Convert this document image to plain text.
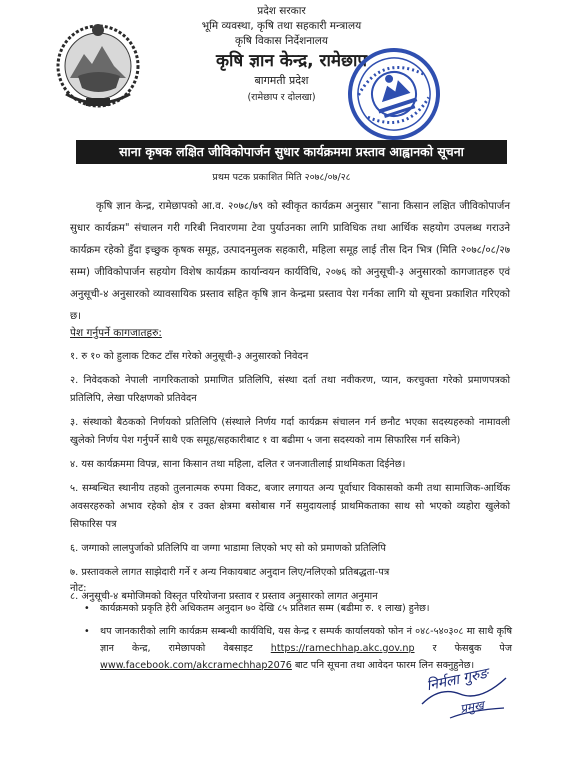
प्रदेश सरकार
भूमि व्यवस्था, कृषि तथा सहकारी मन्त्रालय
कृषि विकास निर्देशनालय
कृषि ज्ञान केन्द्र, रामेछाप
बागमती प्रदेश
(रामेछाप र दोलखा)
साना कृषक लक्षित जीविकोपार्जन सुधार कार्यक्रममा प्रस्ताव आह्वानको सूचना
प्रथम पटक प्रकाशित मिति २०७८/०७/२८

कृषि ज्ञान केन्द्र, रामेछापको आ.व. २०७८/७९ को स्वीकृत कार्यक्रम अनुसार "साना किसान लक्षित जीविकोपार्जन सुधार कार्यक्रम" संचालन गरी गरिबी निवारणमा टेवा पुर्याउनका लागि प्राविधिक तथा आर्थिक सहयोग उपलब्ध गराउने कार्यक्रम रहेको हुँदा इच्छुक कृषक समूह, उत्पादनमुलक सहकारी, महिला समूह लाई तीस दिन भित्र (मिति २०७८/०८/२७ सम्म) जीविकोपार्जन सहयोग विशेष कार्यक्रम कार्यान्वयन कार्यविधि, २०७६ को अनुसूची-३ अनुसारको कागजातहरु एवं अनुसूची-४ अनुसारको व्यावसायिक प्रस्ताव सहित कृषि ज्ञान केन्द्रमा प्रस्ताव पेश गर्नका लागि यो सूचना प्रकाशित गरिएको छ।

पेश गर्नुपर्ने कागजातहरु:
१. रु १० को हुलाक टिकट टाँस गरेको अनुसूची-३ अनुसारको निवेदन
२. निवेदकको नेपाली नागरिकताको प्रमाणित प्रतिलिपि, संस्था दर्ता तथा नवीकरण, प्यान, करचुक्ता गरेको प्रमाणपत्रको प्रतिलिपि, लेखा परिक्षणको प्रतिवेदन
३. संस्थाको बैठकको निर्णयको प्रतिलिपि (संस्थाले निर्णय गर्दा कार्यक्रम संचालन गर्न छनौट भएका सदस्यहरुको नामावली खुलेको निर्णय पेश गर्नुपर्ने साथै एक समूह/सहकारीबाट १ वा बढीमा ५ जना सदस्यको नाम सिफारिस गर्न सकिने)
४. यस कार्यक्रममा विपन्न, साना किसान तथा महिला, दलित र जनजातीलाई प्राथमिकता दिईनेछ।
५. सम्बन्धित स्थानीय तहको तुलनात्मक रुपमा विकट, बजार लगायत अन्य पूर्वाधार विकासको कमी तथा सामाजिक-आर्थिक अवसरहरुको अभाव रहेको क्षेत्र र उक्त क्षेत्रमा बसोबास गर्ने समुदायलाई प्राथमिकताका साथ सो भएको व्यहोरा खुलेको सिफारिस पत्र
६. जग्गाको लालपुर्जाको प्रतिलिपि वा जग्गा भाडामा लिएको भए सो को प्रमाणको प्रतिलिपि
७. प्रस्तावकले लागत साझेदारी गर्ने र अन्य निकायबाट अनुदान लिए/नलिएको प्रतिबद्धता-पत्र
८. अनुसूची-४ बमोजिमको विस्तृत परियोजना प्रस्ताव र प्रस्ताव अनुसारको लागत अनुमान
नोट:
• कार्यक्रमको प्रकृति हेरी अधिकतम अनुदान ७० देखि ८५ प्रतिशत सम्म (बढीमा रु. १ लाख) हुनेछ।
• थप जानकारीको लागि कार्यक्रम सम्बन्धी कार्यविधि, यस केन्द्र र सम्पर्क कार्यालयको फोन नं ०४८-५४०३०८ मा साथै कृषि ज्ञान केन्द्र, रामेछापको वेबसाइट https://ramechhap.akc.gov.np र फेसबुक पेज www.facebook.com/akcramechhap2076 बाट पनि सूचना तथा आवेदन फारम लिन सक्नुहुनेछ।
निर्मला गुरुङ
प्रमुख
